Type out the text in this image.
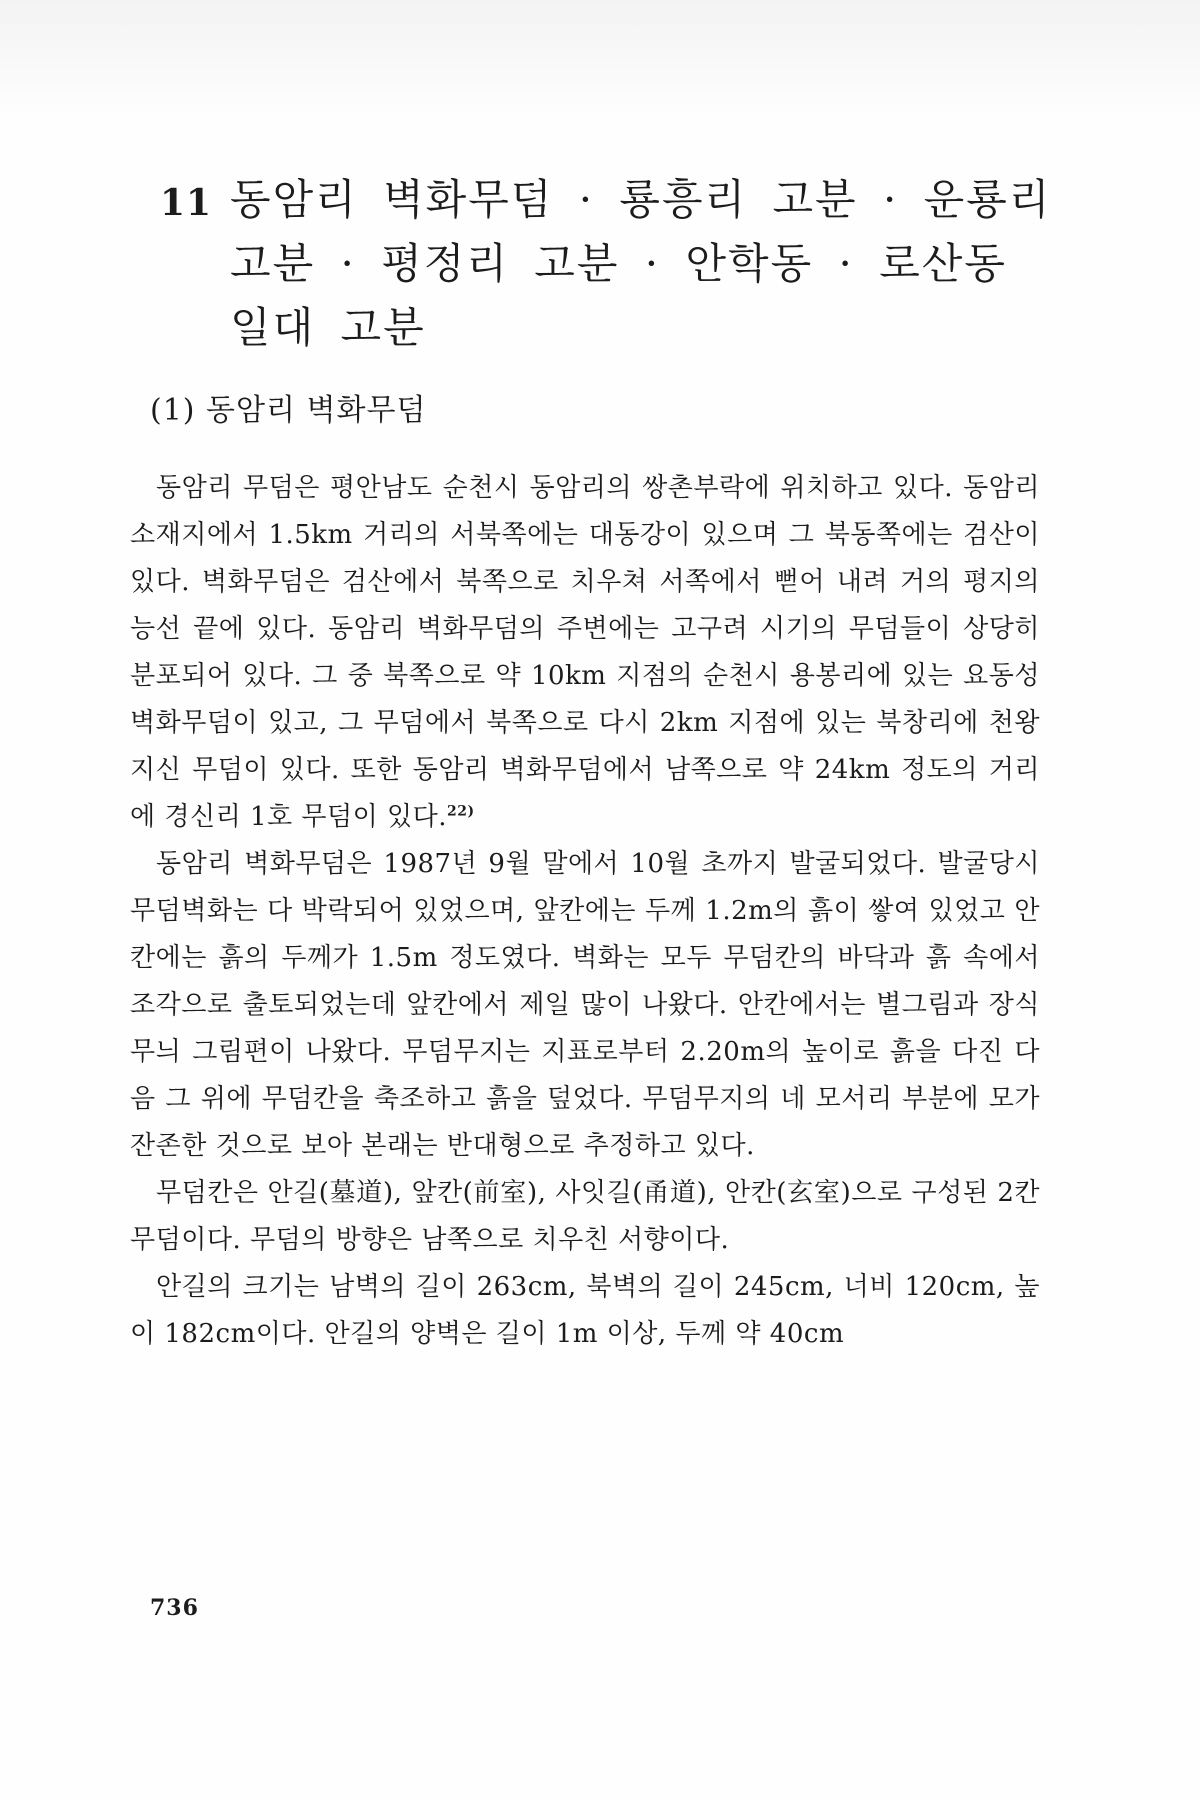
11 동암리 벽화무덤 · 룡흥리 고분 · 운룡리 고분 · 평정리 고분 · 안학동 · 로산동 일대 고분
(1) 동암리 벽화무덤

동암리 무덤은 평안남도 순천시 동암리의 쌍촌부락에 위치하고 있다. 동암리 소재지에서 1.5km 거리의 서북쪽에는 대동강이 있으며 그 북동쪽에는 검산이 있다. 벽화무덤은 검산에서 북쪽으로 치우쳐 서쪽에서 뻗어 내려 거의 평지의 능선 끝에 있다. 동암리 벽화무덤의 주변에는 고구려 시기의 무덤들이 상당히 분포되어 있다. 그 중 북쪽으로 약 10km 지점의 순천시 용봉리에 있는 요동성 벽화무덤이 있고, 그 무덤에서 북쪽으로 다시 2km 지점에 있는 북창리에 천왕지신 무덤이 있다. 또한 동암리 벽화무덤에서 남쪽으로 약 24km 정도의 거리에 경신리 1호 무덤이 있다.$^{22)}$

동암리 벽화무덤은 1987년 9월 말에서 10월 초까지 발굴되었다. 발굴당시 무덤벽화는 다 박락되어 있었으며, 앞칸에는 두께 1.2m의 흙이 쌓여 있었고 안칸에는 흙의 두께가 1.5m 정도였다. 벽화는 모두 무덤칸의 바닥과 흙 속에서 조각으로 출토되었는데 앞칸에서 제일 많이 나왔다. 안칸에서는 별그림과 장식무늬 그림편이 나왔다. 무덤무지는 지표로부터 2.20m의 높이로 흙을 다진 다음 그 위에 무덤칸을 축조하고 흙을 덮었다. 무덤무지의 네 모서리 부분에 모가 잔존한 것으로 보아 본래는 반대형으로 추정하고 있다.

무덤칸은 안길(墓道), 앞칸(前室), 사잇길(甬道), 안칸(玄室)으로 구성된 2칸 무덤이다. 무덤의 방향은 남쪽으로 치우친 서향이다.

안길의 크기는 남벽의 길이 263cm, 북벽의 길이 245cm, 너비 120cm, 높이 182cm이다. 안길의 양벽은 길이 1m 이상, 두께 약 40cm

736
